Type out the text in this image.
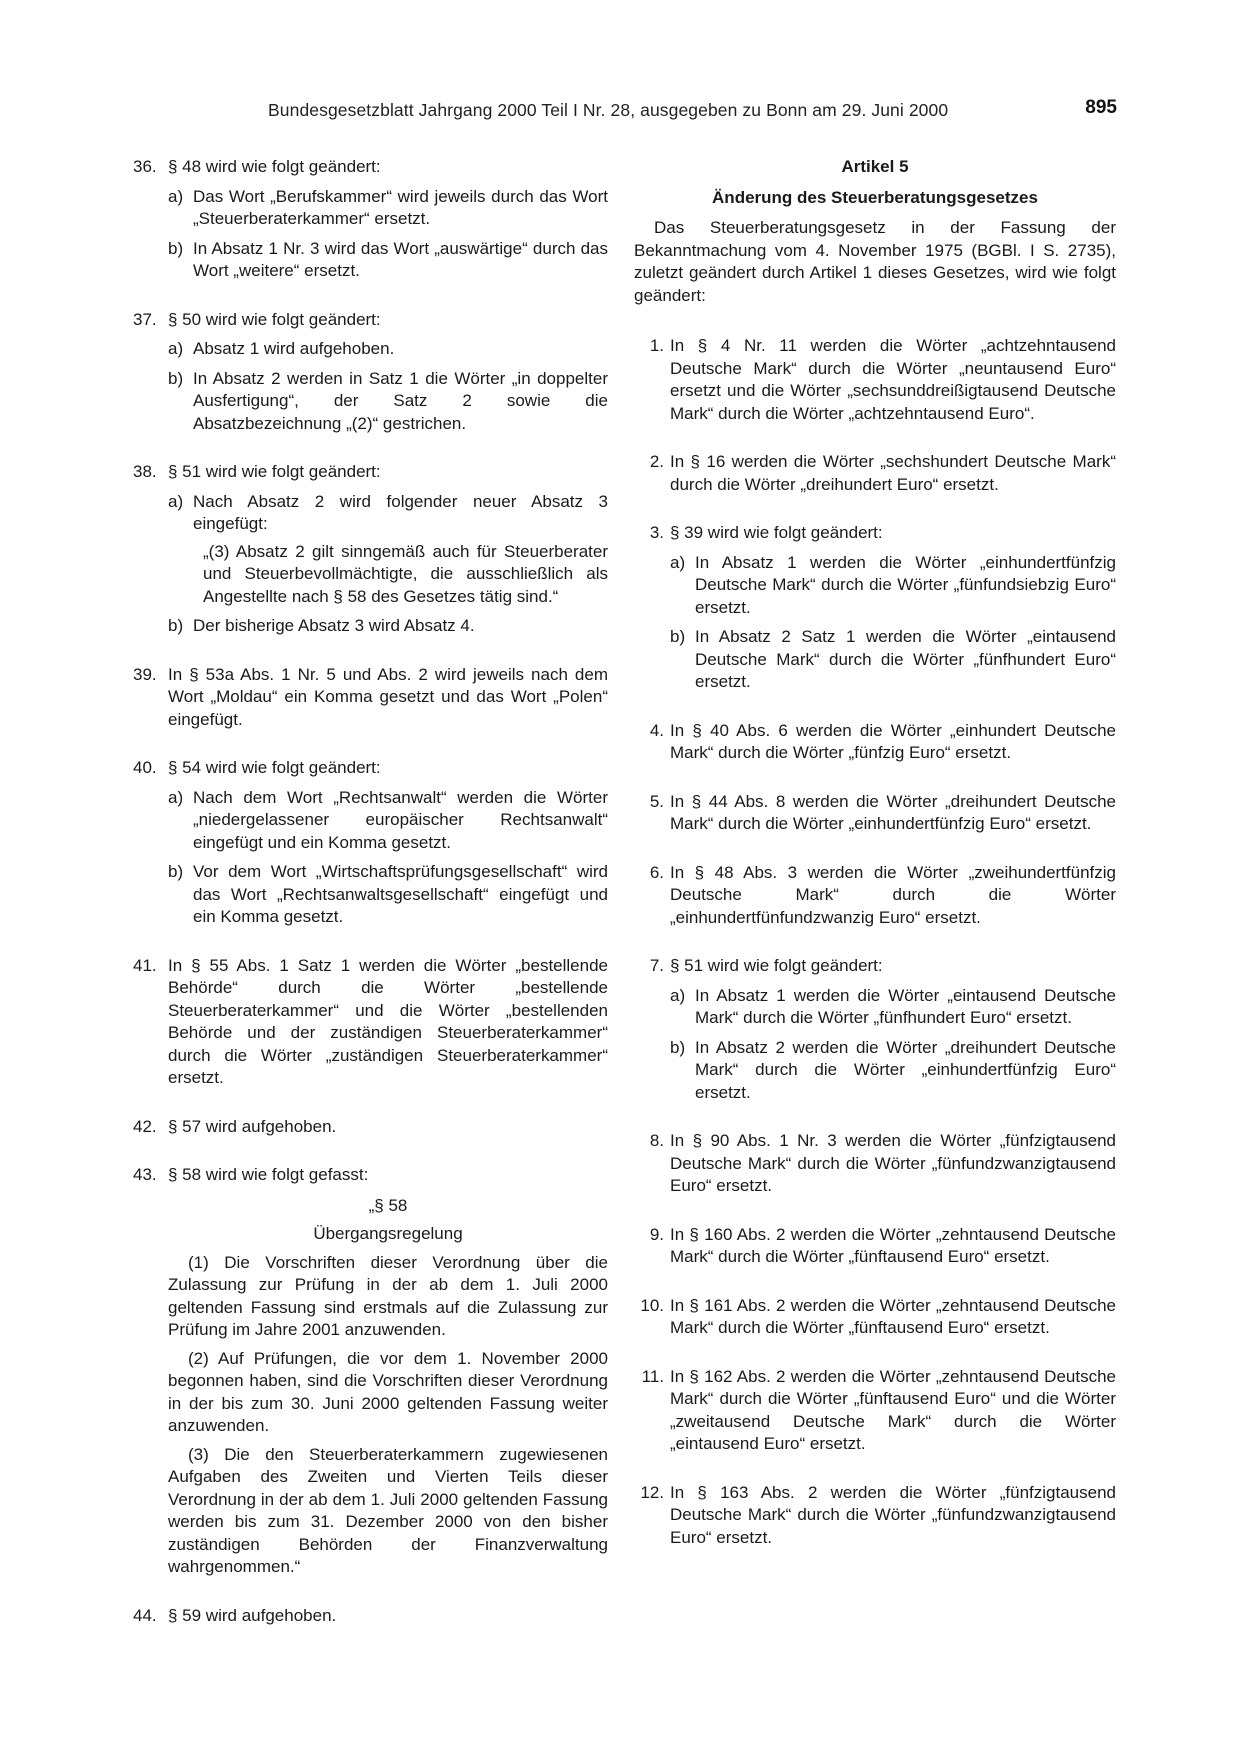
Bundesgesetzblatt Jahrgang 2000 Teil I Nr. 28, ausgegeben zu Bonn am 29. Juni 2000	895
36. § 48 wird wie folgt geändert:
a) Das Wort „Berufskammer“ wird jeweils durch das Wort „Steuerberaterkammer“ ersetzt.
b) In Absatz 1 Nr. 3 wird das Wort „auswärtige“ durch das Wort „weitere“ ersetzt.
37. § 50 wird wie folgt geändert:
a) Absatz 1 wird aufgehoben.
b) In Absatz 2 werden in Satz 1 die Wörter „in doppelter Ausfertigung“, der Satz 2 sowie die Absatzbezeichnung „(2)“ gestrichen.
38. § 51 wird wie folgt geändert:
a) Nach Absatz 2 wird folgender neuer Absatz 3 eingefügt:
„(3) Absatz 2 gilt sinngemäß auch für Steuerberater und Steuerbevollmächtigte, die ausschließlich als Angestellte nach § 58 des Gesetzes tätig sind.“
b) Der bisherige Absatz 3 wird Absatz 4.
39. In § 53a Abs. 1 Nr. 5 und Abs. 2 wird jeweils nach dem Wort „Moldau“ ein Komma gesetzt und das Wort „Polen“ eingefügt.
40. § 54 wird wie folgt geändert:
a) Nach dem Wort „Rechtsanwalt“ werden die Wörter „niedergelassener europäischer Rechtsanwalt“ eingefügt und ein Komma gesetzt.
b) Vor dem Wort „Wirtschaftsprüfungsgesellschaft“ wird das Wort „Rechtsanwaltsgesellschaft“ eingefügt und ein Komma gesetzt.
41. In § 55 Abs. 1 Satz 1 werden die Wörter „bestellende Behörde“ durch die Wörter „bestellende Steuerberaterkammer“ und die Wörter „bestellenden Behörde und der zuständigen Steuerberaterkammer“ durch die Wörter „zuständigen Steuerberaterkammer“ ersetzt.
42. § 57 wird aufgehoben.
43. § 58 wird wie folgt gefasst:
„§ 58
Übergangsregelung
(1) Die Vorschriften dieser Verordnung über die Zulassung zur Prüfung in der ab dem 1. Juli 2000 geltenden Fassung sind erstmals auf die Zulassung zur Prüfung im Jahre 2001 anzuwenden.
(2) Auf Prüfungen, die vor dem 1. November 2000 begonnen haben, sind die Vorschriften dieser Verordnung in der bis zum 30. Juni 2000 geltenden Fassung weiter anzuwenden.
(3) Die den Steuerberaterkammern zugewiesenen Aufgaben des Zweiten und Vierten Teils dieser Verordnung in der ab dem 1. Juli 2000 geltenden Fassung werden bis zum 31. Dezember 2000 von den bisher zuständigen Behörden der Finanzverwaltung wahrgenommen.“
44. § 59 wird aufgehoben.
Artikel 5
Änderung des Steuerberatungsgesetzes
Das Steuerberatungsgesetz in der Fassung der Bekanntmachung vom 4. November 1975 (BGBl. I S. 2735), zuletzt geändert durch Artikel 1 dieses Gesetzes, wird wie folgt geändert:
1. In § 4 Nr. 11 werden die Wörter „achtzehntausend Deutsche Mark“ durch die Wörter „neuntausend Euro“ ersetzt und die Wörter „sechsunddreißigtausend Deutsche Mark“ durch die Wörter „achtzehntausend Euro“.
2. In § 16 werden die Wörter „sechshundert Deutsche Mark“ durch die Wörter „dreihundert Euro“ ersetzt.
3. § 39 wird wie folgt geändert:
a) In Absatz 1 werden die Wörter „einhundertfünfzig Deutsche Mark“ durch die Wörter „fünfundsiebzig Euro“ ersetzt.
b) In Absatz 2 Satz 1 werden die Wörter „eintausend Deutsche Mark“ durch die Wörter „fünfhundert Euro“ ersetzt.
4. In § 40 Abs. 6 werden die Wörter „einhundert Deutsche Mark“ durch die Wörter „fünfzig Euro“ ersetzt.
5. In § 44 Abs. 8 werden die Wörter „dreihundert Deutsche Mark“ durch die Wörter „einhundertfünfzig Euro“ ersetzt.
6. In § 48 Abs. 3 werden die Wörter „zweihundertfünfzig Deutsche Mark“ durch die Wörter „einhundertfünfundzwanzig Euro“ ersetzt.
7. § 51 wird wie folgt geändert:
a) In Absatz 1 werden die Wörter „eintausend Deutsche Mark“ durch die Wörter „fünfhundert Euro“ ersetzt.
b) In Absatz 2 werden die Wörter „dreihundert Deutsche Mark“ durch die Wörter „einhundertfünfzig Euro“ ersetzt.
8. In § 90 Abs. 1 Nr. 3 werden die Wörter „fünfzigtausend Deutsche Mark“ durch die Wörter „fünfundzwanzigtausend Euro“ ersetzt.
9. In § 160 Abs. 2 werden die Wörter „zehntausend Deutsche Mark“ durch die Wörter „fünftausend Euro“ ersetzt.
10. In § 161 Abs. 2 werden die Wörter „zehntausend Deutsche Mark“ durch die Wörter „fünftausend Euro“ ersetzt.
11. In § 162 Abs. 2 werden die Wörter „zehntausend Deutsche Mark“ durch die Wörter „fünftausend Euro“ und die Wörter „zweitausend Deutsche Mark“ durch die Wörter „eintausend Euro“ ersetzt.
12. In § 163 Abs. 2 werden die Wörter „fünfzigtausend Deutsche Mark“ durch die Wörter „fünfundzwanzigtausend Euro“ ersetzt.
